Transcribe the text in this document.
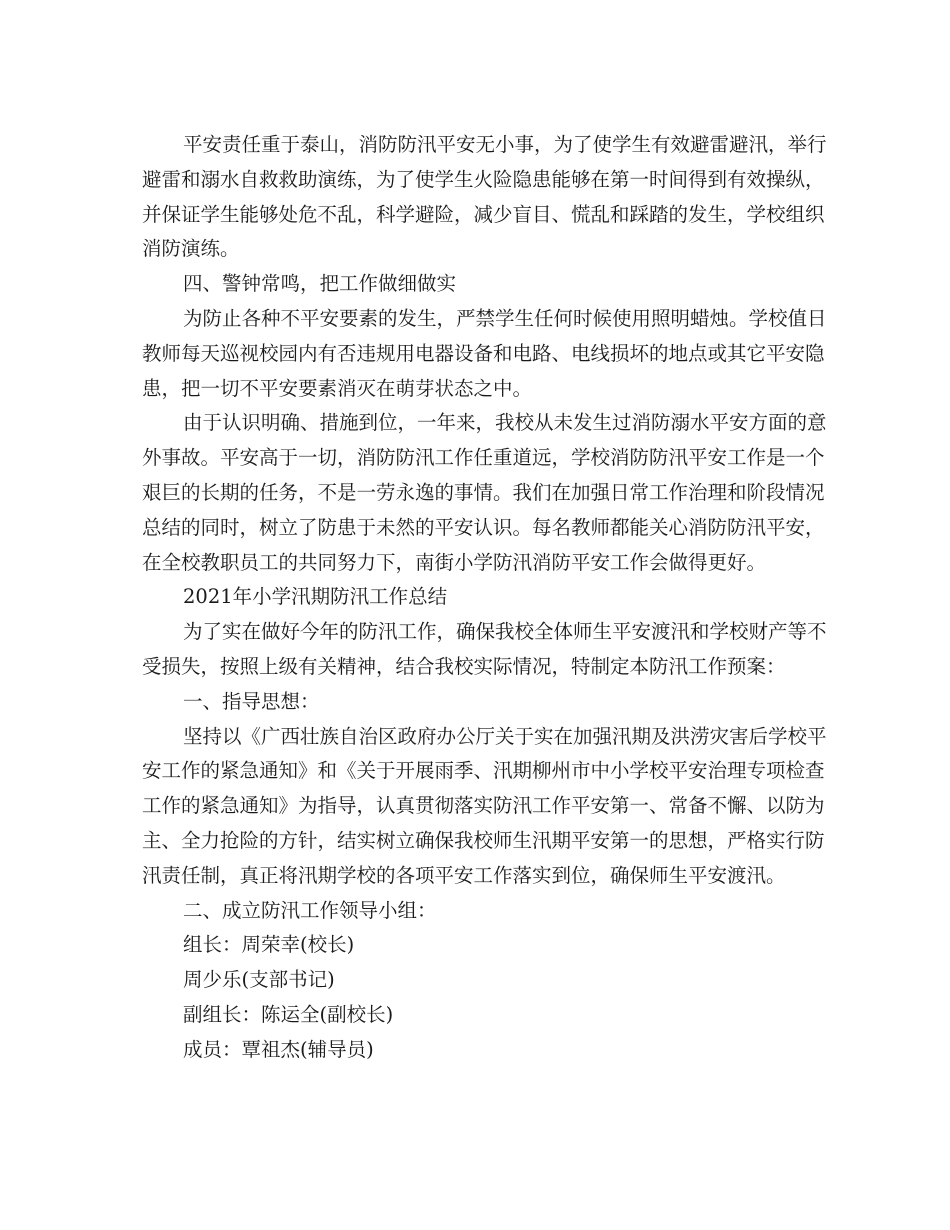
平安责任重于泰山，消防防汛平安无小事，为了使学生有效避雷避汛，举行
避雷和溺水自救救助演练，为了使学生火险隐患能够在第一时间得到有效操纵，
并保证学生能够处危不乱，科学避险，减少盲目、慌乱和踩踏的发生，学校组织
消防演练。
四、警钟常鸣，把工作做细做实
为防止各种不平安要素的发生，严禁学生任何时候使用照明蜡烛。学校值日
教师每天巡视校园内有否违规用电器设备和电路、电线损坏的地点或其它平安隐
患，把一切不平安要素消灭在萌芽状态之中。
由于认识明确、措施到位，一年来，我校从未发生过消防溺水平安方面的意
外事故。平安高于一切，消防防汛工作任重道远，学校消防防汛平安工作是一个
艰巨的长期的任务，不是一劳永逸的事情。我们在加强日常工作治理和阶段情况
总结的同时，树立了防患于未然的平安认识。每名教师都能关心消防防汛平安，
在全校教职员工的共同努力下，南街小学防汛消防平安工作会做得更好。
2021年小学汛期防汛工作总结
为了实在做好今年的防汛工作，确保我校全体师生平安渡汛和学校财产等不
受损失，按照上级有关精神，结合我校实际情况，特制定本防汛工作预案：
一、指导思想：
坚持以《广西壮族自治区政府办公厅关于实在加强汛期及洪涝灾害后学校平
安工作的紧急通知》和《关于开展雨季、汛期柳州市中小学校平安治理专项检查
工作的紧急通知》为指导，认真贯彻落实防汛工作平安第一、常备不懈、以防为
主、全力抢险的方针，结实树立确保我校师生汛期平安第一的思想，严格实行防
汛责任制，真正将汛期学校的各项平安工作落实到位，确保师生平安渡汛。
二、成立防汛工作领导小组：
组长：周荣幸(校长)
周少乐(支部书记)
副组长：陈运全(副校长)
成员：覃祖杰(辅导员)
